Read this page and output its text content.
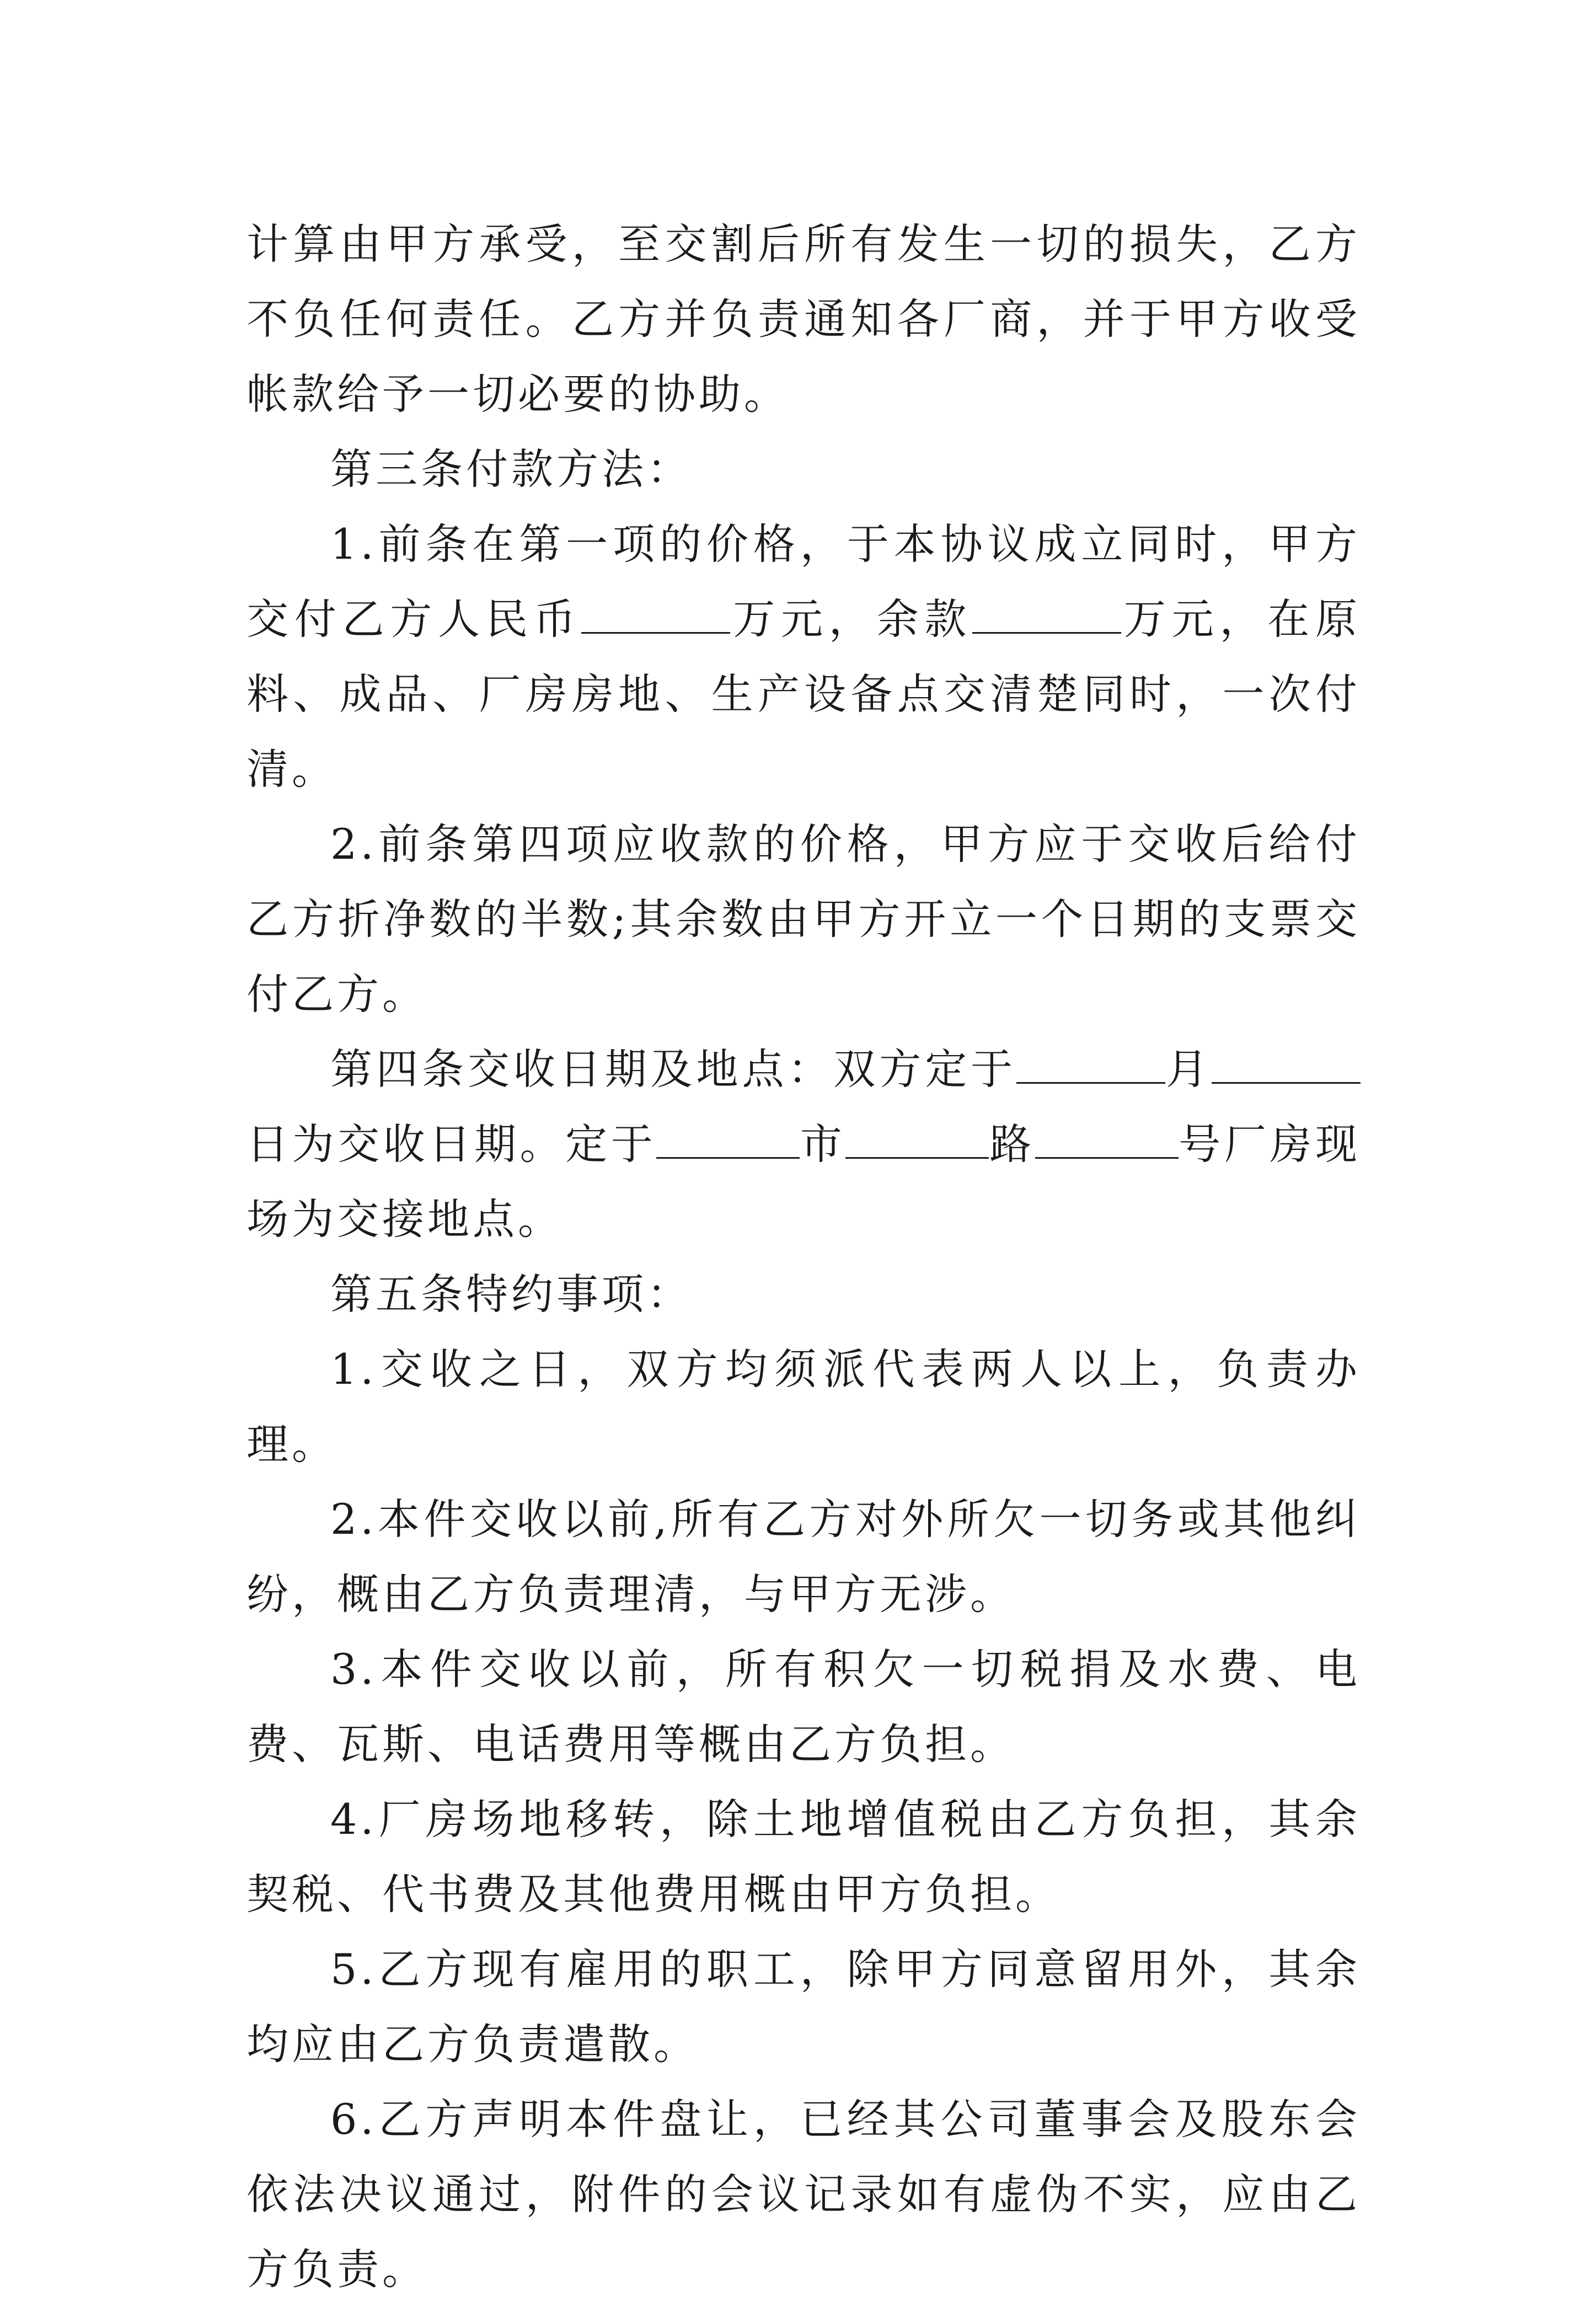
计算由甲方承受，至交割后所有发生一切的损失，乙方不负任何责任。乙方并负责通知各厂商，并于甲方收受帐款给予一切必要的协助。

第三条付款方法：

1.前条在第一项的价格，于本协议成立同时，甲方交付乙方人民币	万元，余款	万元，在原料、成品、厂房房地、生产设备点交清楚同时，一次付清。

2.前条第四项应收款的价格，甲方应于交收后给付乙方折净数的半数;其余数由甲方开立一个日期的支票交付乙方。

第四条交收日期及地点：双方定于	月日为交收日期。定于	市	路	号厂房现场为交接地点。

第五条特约事项：

1.交收之日，双方均须派代表两人以上，负责办理。

2.本件交收以前,所有乙方对外所欠一切务或其他纠纷，概由乙方负责理清，与甲方无涉。

3.本件交收以前，所有积欠一切税捐及水费、电费、瓦斯、电话费用等概由乙方负担。

4.厂房场地移转，除土地增值税由乙方负担，其余契税、代书费及其他费用概由甲方负担。

5.乙方现有雇用的职工，除甲方同意留用外，其余均应由乙方负责遣散。

6.乙方声明本件盘让，已经其公司董事会及股东会依法决议通过，附件的会议记录如有虚伪不实，应由乙方负责。
